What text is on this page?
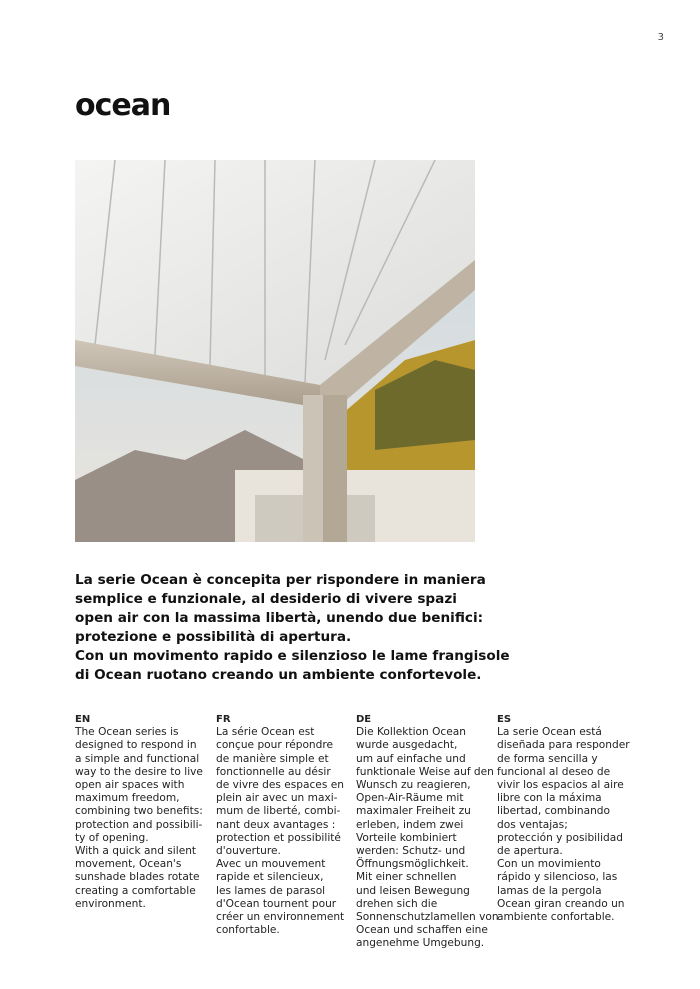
3
ocean
La serie Ocean è concepita per rispondere in maniera
semplice e funzionale, al desiderio di vivere spazi
open air con la massima libertà, unendo due benifici:
protezione e possibilità di apertura.
Con un movimento rapido e silenzioso le lame frangisole
di Ocean ruotano creando un ambiente confortevole.
EN
The Ocean series is
designed to respond in
a simple and functional
way to the desire to live
open air spaces with
maximum freedom,
combining two benefits:
protection and possibili-
ty of opening.
With a quick and silent
movement, Ocean's
sunshade blades rotate
creating a comfortable
environment.
FR
La série Ocean est
conçue pour répondre
de manière simple et
fonctionnelle au désir
de vivre des espaces en
plein air avec un maxi-
mum de liberté, combi-
nant deux avantages :
protection et possibilité
d'ouverture.
Avec un mouvement
rapide et silencieux,
les lames de parasol
d'Ocean tournent pour
créer un environnement
confortable.
DE
Die Kollektion Ocean
wurde ausgedacht,
um auf einfache und
funktionale Weise auf den
Wunsch zu reagieren,
Open-Air-Räume mit
maximaler Freiheit zu
erleben, indem zwei
Vorteile kombiniert
werden: Schutz- und
Öffnungsmöglichkeit.
Mit einer schnellen
und leisen Bewegung
drehen sich die
Sonnenschutzlamellen von
Ocean und schaffen eine
angenehme Umgebung.
ES
La serie Ocean está
diseñada para responder
de forma sencilla y
funcional al deseo de
vivir los espacios al aire
libre con la máxima
libertad, combinando
dos ventajas;
protección y posibilidad
de apertura.
Con un movimiento
rápido y silencioso, las
lamas de la pergola
Ocean giran creando un
ambiente confortable.
